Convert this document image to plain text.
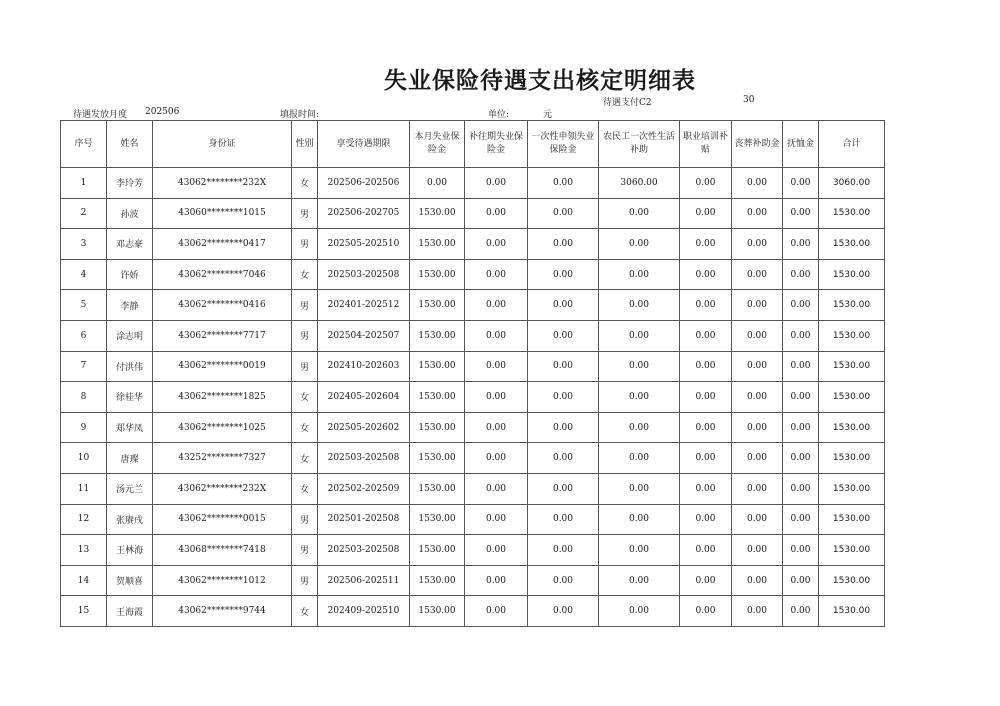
失业保险待遇支出核定明细表
待遇发放月度 202506	填报时间:	单位:	元
待遇支付C2	30
序号	姓名	身份证	性别	享受待遇期限	本月失业保险金	补往期失业保险金	一次性申领失业保险金	农民工一次性生活补助	职业培训补贴	丧葬补助金	抚恤金	合计
1	李玲芳	43062********232X	女	202506-202506	0.00	0.00	0.00	3060.00	0.00	0.00	0.00	3060.00
2	孙波	43060********1015	男	202506-202705	1530.00	0.00	0.00	0.00	0.00	0.00	0.00	1530.00
3	邓志豪	43062********0417	男	202505-202510	1530.00	0.00	0.00	0.00	0.00	0.00	0.00	1530.00
4	许娇	43062********7046	女	202503-202508	1530.00	0.00	0.00	0.00	0.00	0.00	0.00	1530.00
5	李静	43062********0416	男	202401-202512	1530.00	0.00	0.00	0.00	0.00	0.00	0.00	1530.00
6	涂志明	43062********7717	男	202504-202507	1530.00	0.00	0.00	0.00	0.00	0.00	0.00	1530.00
7	付洪伟	43062********0019	男	202410-202603	1530.00	0.00	0.00	0.00	0.00	0.00	0.00	1530.00
8	徐桂华	43062********1825	女	202405-202604	1530.00	0.00	0.00	0.00	0.00	0.00	0.00	1530.00
9	郑华凤	43062********1025	女	202505-202602	1530.00	0.00	0.00	0.00	0.00	0.00	0.00	1530.00
10	唐璨	43252********7327	女	202503-202508	1530.00	0.00	0.00	0.00	0.00	0.00	0.00	1530.00
11	汤元兰	43062********232X	女	202502-202509	1530.00	0.00	0.00	0.00	0.00	0.00	0.00	1530.00
12	张赓戌	43062********0015	男	202501-202508	1530.00	0.00	0.00	0.00	0.00	0.00	0.00	1530.00
13	王林海	43068********7418	男	202503-202508	1530.00	0.00	0.00	0.00	0.00	0.00	0.00	1530.00
14	贺顺喜	43062********1012	男	202506-202511	1530.00	0.00	0.00	0.00	0.00	0.00	0.00	1530.00
15	王海霞	43062********9744	女	202409-202510	1530.00	0.00	0.00	0.00	0.00	0.00	0.00	1530.00
